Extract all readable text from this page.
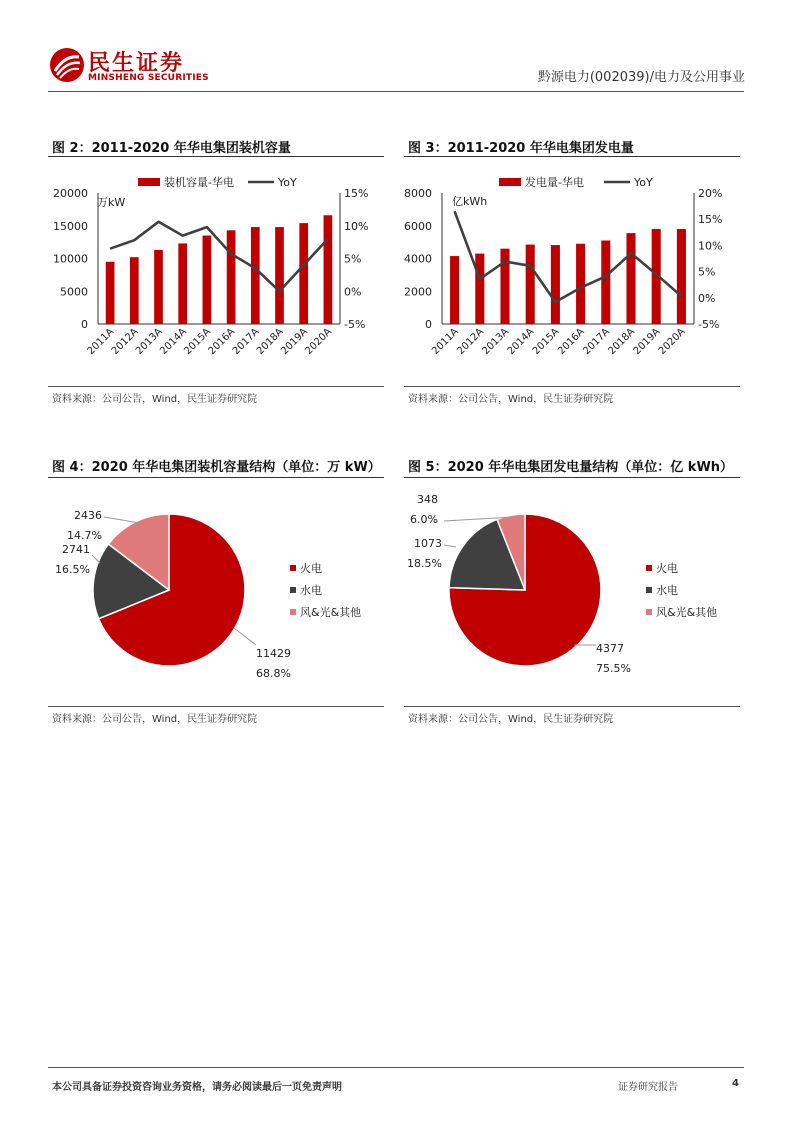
民生证券
MINSHENG SECURITIES	黔源电力(002039)/电力及公用事业
图 2：2011-2020 年华电集团装机容量
20000
15000
10000
5000
0
15%
10%
5%
0%
-5%
2011A
2012A
2013A
2014A
2015A
2016A
2017A
2018A
2019A
2020A
万kW
装机容量-华电	YoY
资料来源：公司公告，Wind，民生证券研究院
图 3：2011-2020 年华电集团发电量
8000
6000
4000
2000
0
20%
15%
10%
5%
0%
-5%
2011A
2012A
2013A
2014A
2015A
2016A
2017A
2018A
2019A
2020A
亿kWh
发电量-华电	YoY
资料来源：公司公告，Wind，民生证券研究院
图 4：2020 年华电集团装机容量结构（单位：万 kW）
11429
68.8%
2741
16.5%
2436
14.7%
火电
水电
风&光&其他
资料来源：公司公告，Wind，民生证券研究院
图 5：2020 年华电集团发电量结构（单位：亿 kWh）
4377
75.5%
1073
18.5%
348
6.0%
火电
水电
风&光&其他
资料来源：公司公告，Wind，民生证券研究院
本公司具备证券投资咨询业务资格，请务必阅读最后一页免责声明	证券研究报告	4
